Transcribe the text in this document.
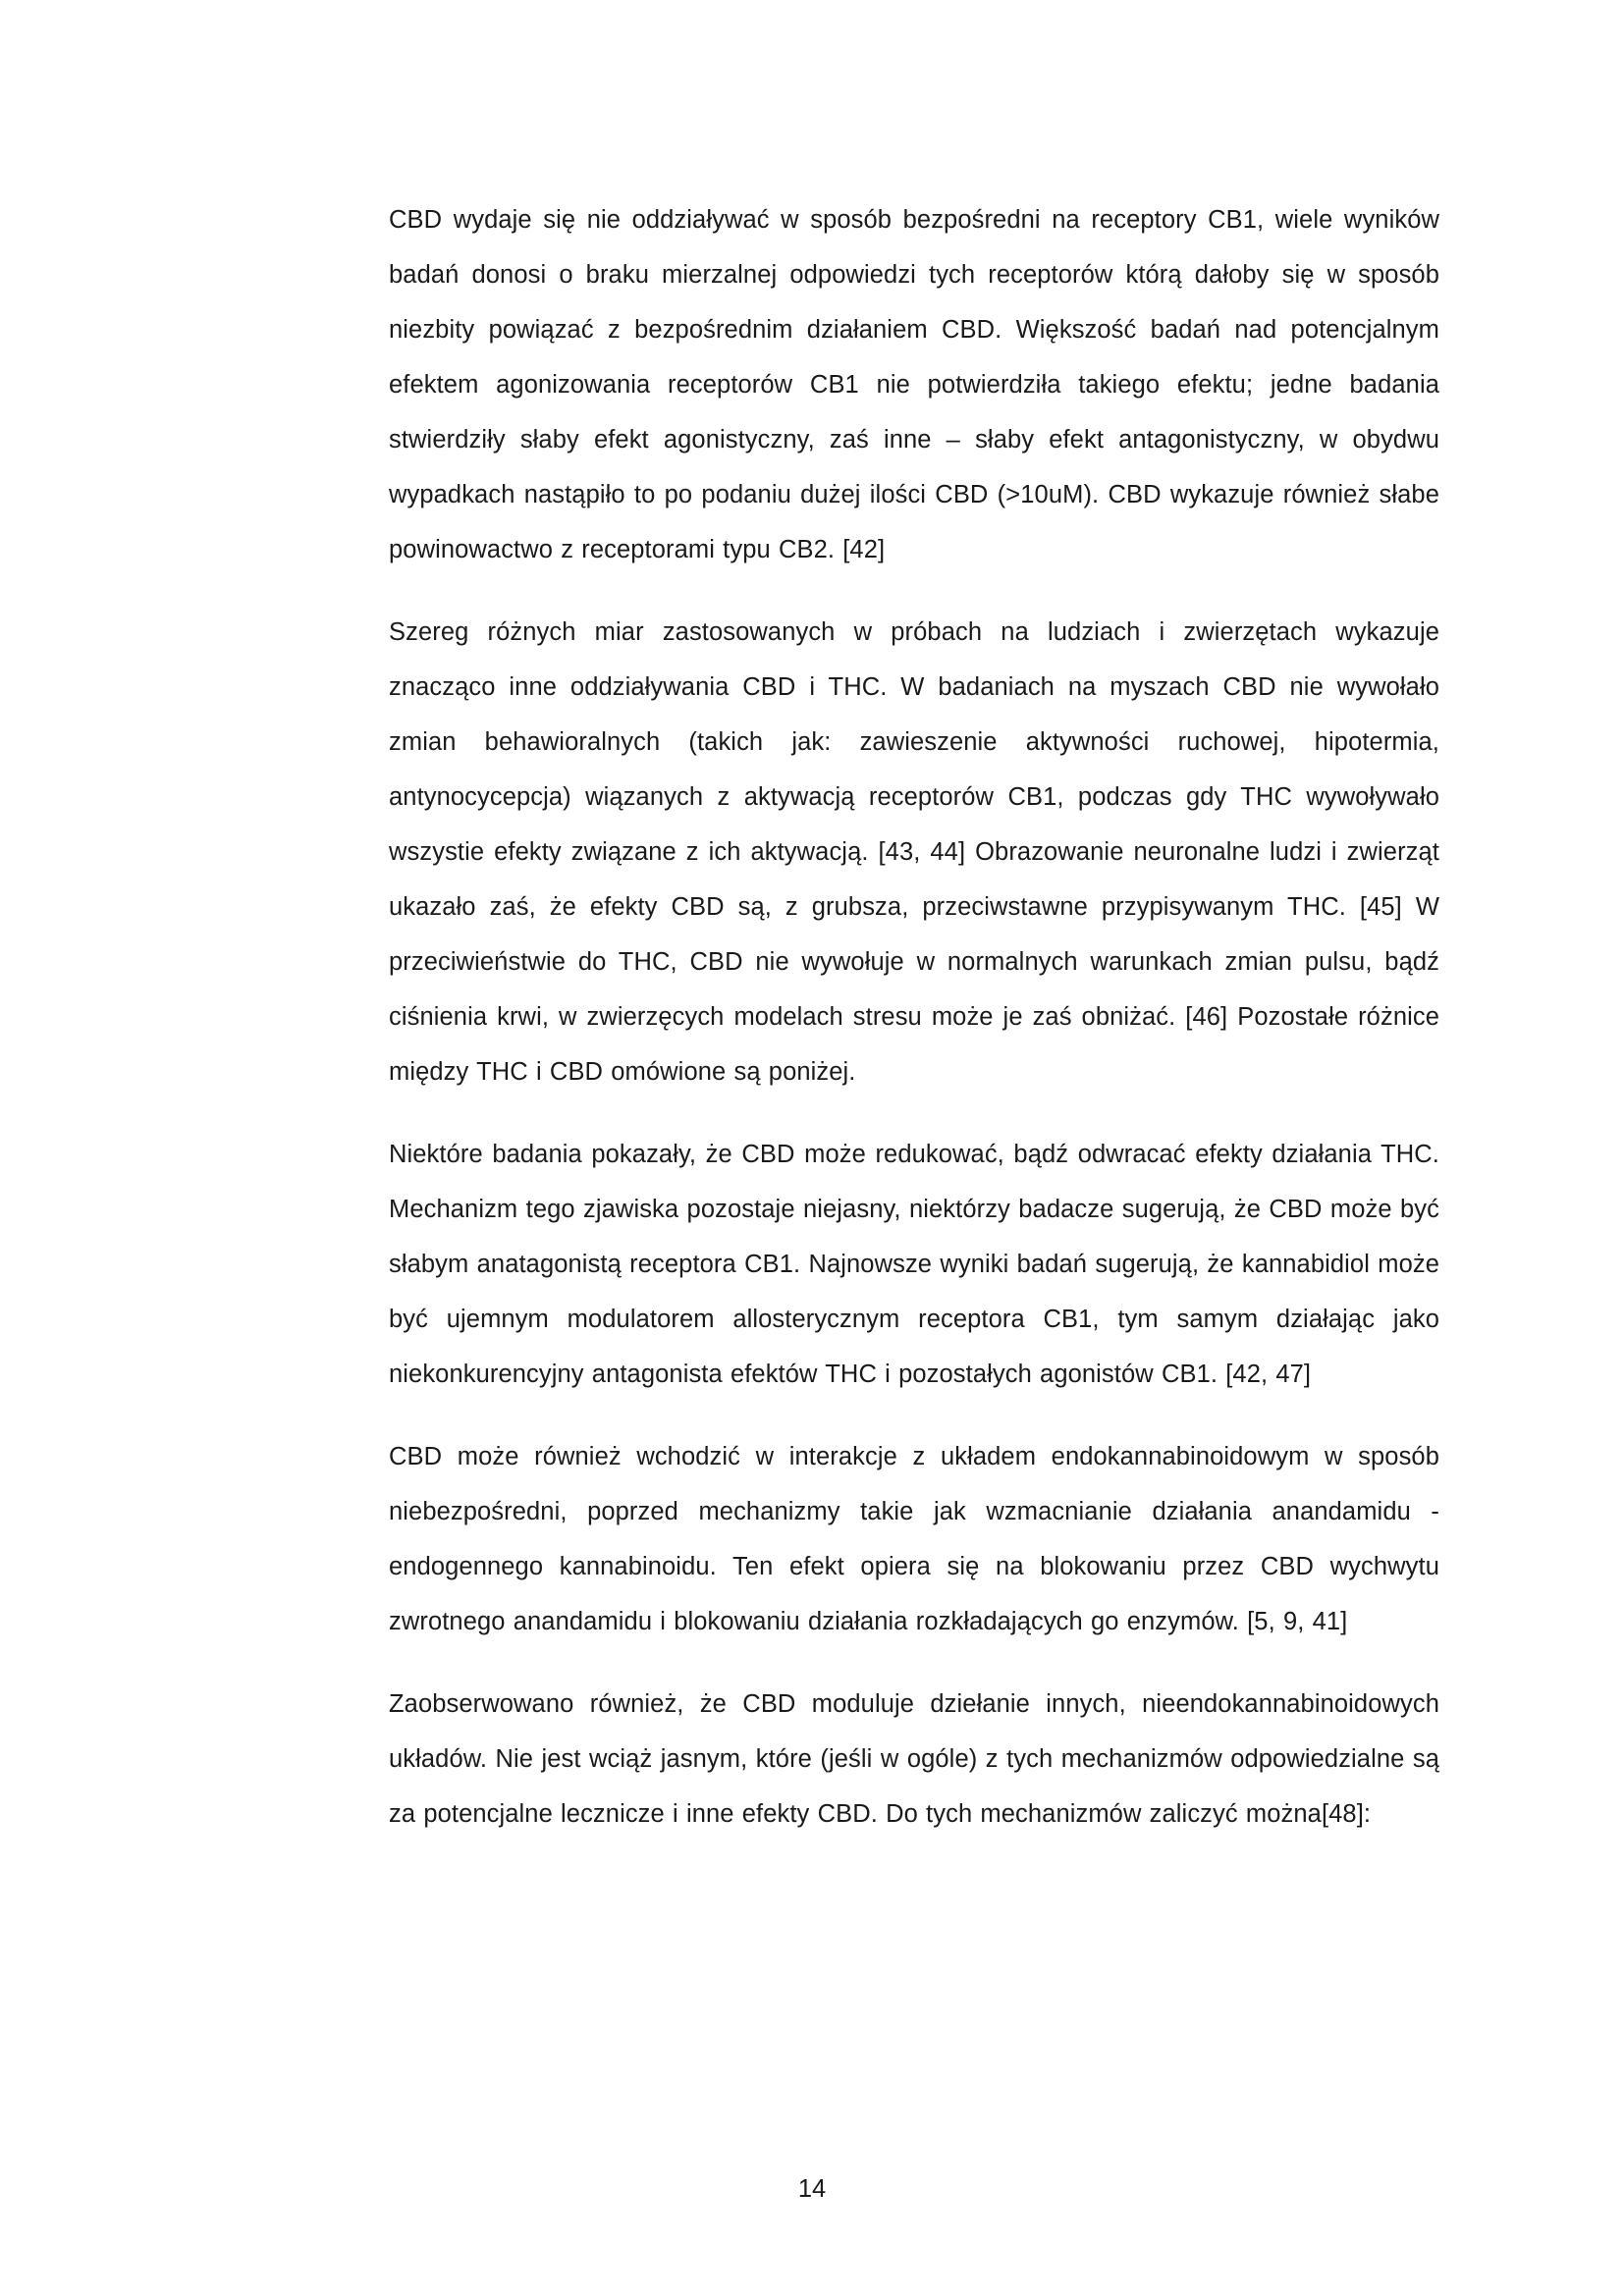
CBD wydaje się nie oddziaływać w sposób bezpośredni na receptory CB1, wiele wyników badań donosi o braku mierzalnej odpowiedzi tych receptorów którą dałoby się w sposób niezbity powiązać z bezpośrednim działaniem CBD. Większość badań nad potencjalnym efektem agonizowania receptorów CB1 nie potwierdziła takiego efektu; jedne badania stwierdziły słaby efekt agonistyczny, zaś inne – słaby efekt antagonistyczny, w obydwu wypadkach nastąpiło to po podaniu dużej ilości CBD (>10uM). CBD wykazuje również słabe powinowactwo z receptorami typu CB2. [42]

Szereg różnych miar zastosowanych w próbach na ludziach i zwierzętach wykazuje znacząco inne oddziaływania CBD i THC. W badaniach na myszach CBD nie wywołało zmian behawioralnych (takich jak: zawieszenie aktywności ruchowej, hipotermia, antynocycepcja) wiązanych z aktywacją receptorów CB1, podczas gdy THC wywoływało wszystie efekty związane z ich aktywacją. [43, 44] Obrazowanie neuronalne ludzi i zwierząt ukazało zaś, że efekty CBD są, z grubsza, przeciwstawne przypisywanym THC. [45] W przeciwieństwie do THC, CBD nie wywołuje w normalnych warunkach zmian pulsu, bądź ciśnienia krwi, w zwierzęcych modelach stresu może je zaś obniżać. [46] Pozostałe różnice między THC i CBD omówione są poniżej.

Niektóre badania pokazały, że CBD może redukować, bądź odwracać efekty działania THC. Mechanizm tego zjawiska pozostaje niejasny, niektórzy badacze sugerują, że CBD może być słabym anatagonistą receptora CB1. Najnowsze wyniki badań sugerują, że kannabidiol może być ujemnym modulatorem allosterycznym receptora CB1, tym samym działając jako niekonkurencyjny antagonista efektów THC i pozostałych agonistów CB1. [42, 47]

CBD może również wchodzić w interakcje z układem endokannabinoidowym w sposób niebezpośredni, poprzed mechanizmy takie jak wzmacnianie działania anandamidu - endogennego kannabinoidu. Ten efekt opiera się na blokowaniu przez CBD wychwytu zwrotnego anandamidu i blokowaniu działania rozkładających go enzymów. [5, 9, 41]

Zaobserwowano również, że CBD moduluje dziełanie innych, nieendokannabinoidowych układów. Nie jest wciąż jasnym, które (jeśli w ogóle) z tych mechanizmów odpowiedzialne są za potencjalne lecznicze i inne efekty CBD. Do tych mechanizmów zaliczyć można[48]:

14
